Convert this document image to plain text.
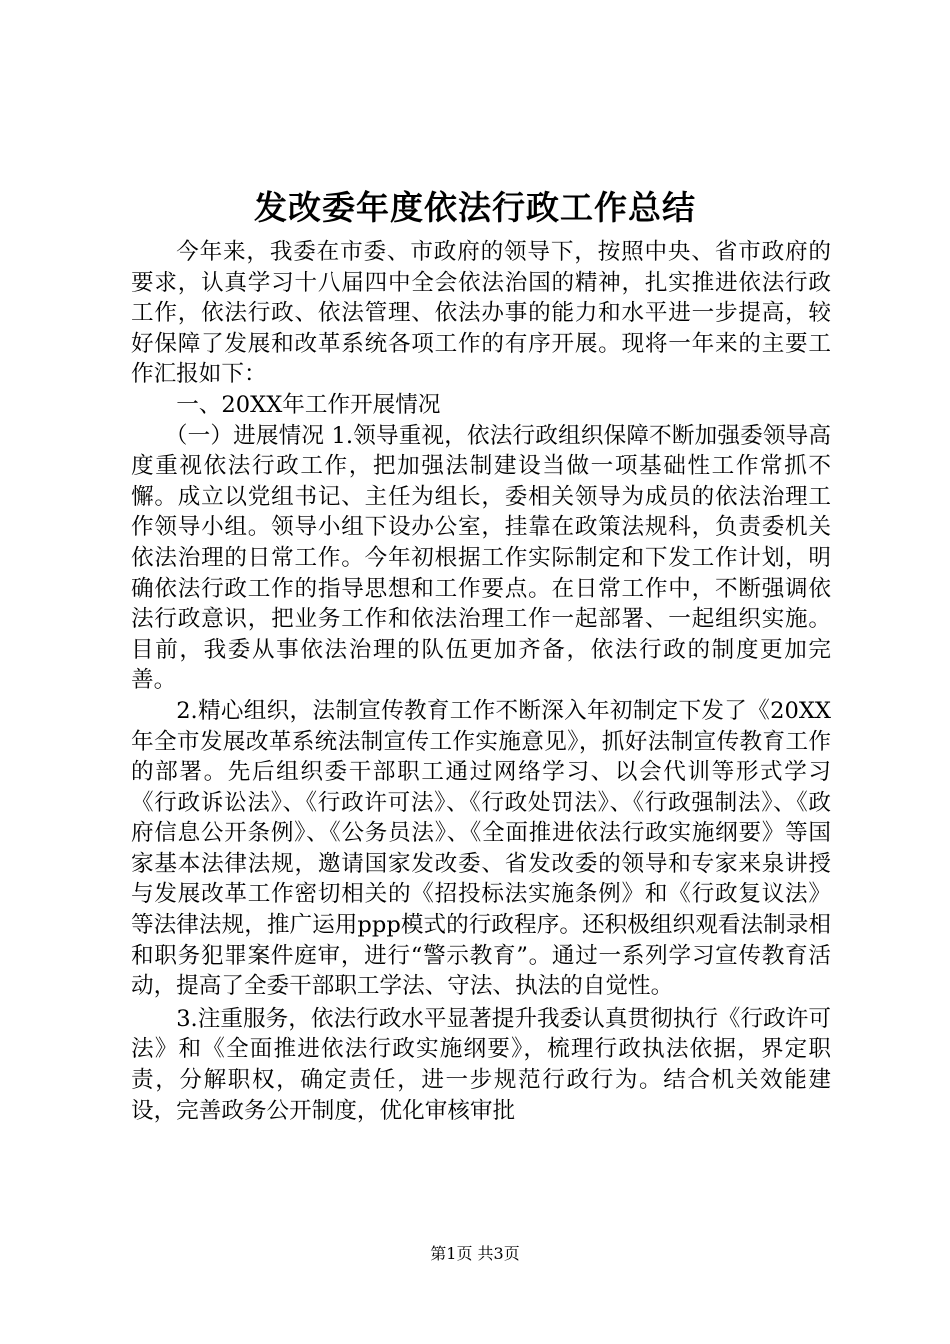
发改委年度依法行政工作总结

今年来，我委在市委、市政府的领导下，按照中央、省市政府的要求，认真学习十八届四中全会依法治国的精神，扎实推进依法行政工作，依法行政、依法管理、依法办事的能力和水平进一步提高，较好保障了发展和改革系统各项工作的有序开展。现将一年来的主要工作汇报如下：

一、20XX年工作开展情况

（一）进展情况 1.领导重视，依法行政组织保障不断加强委领导高度重视依法行政工作，把加强法制建设当做一项基础性工作常抓不懈。成立以党组书记、主任为组长，委相关领导为成员的依法治理工作领导小组。领导小组下设办公室，挂靠在政策法规科，负责委机关依法治理的日常工作。今年初根据工作实际制定和下发工作计划，明确依法行政工作的指导思想和工作要点。在日常工作中，不断强调依法行政意识，把业务工作和依法治理工作一起部署、一起组织实施。目前，我委从事依法治理的队伍更加齐备，依法行政的制度更加完善。

2.精心组织，法制宣传教育工作不断深入年初制定下发了《20XX年全市发展改革系统法制宣传工作实施意见》，抓好法制宣传教育工作的部署。先后组织委干部职工通过网络学习、以会代训等形式学习《行政诉讼法》、《行政许可法》、《行政处罚法》、《行政强制法》、《政府信息公开条例》、《公务员法》、《全面推进依法行政实施纲要》等国家基本法律法规，邀请国家发改委、省发改委的领导和专家来泉讲授与发展改革工作密切相关的《招投标法实施条例》和《行政复议法》等法律法规，推广运用ppp模式的行政程序。还积极组织观看法制录相和职务犯罪案件庭审，进行“警示教育”。通过一系列学习宣传教育活动，提高了全委干部职工学法、守法、执法的自觉性。

3.注重服务，依法行政水平显著提升我委认真贯彻执行《行政许可法》和《全面推进依法行政实施纲要》，梳理行政执法依据，界定职责，分解职权，确定责任，进一步规范行政行为。结合机关效能建设，完善政务公开制度，优化审核审批

第1页 共3页
